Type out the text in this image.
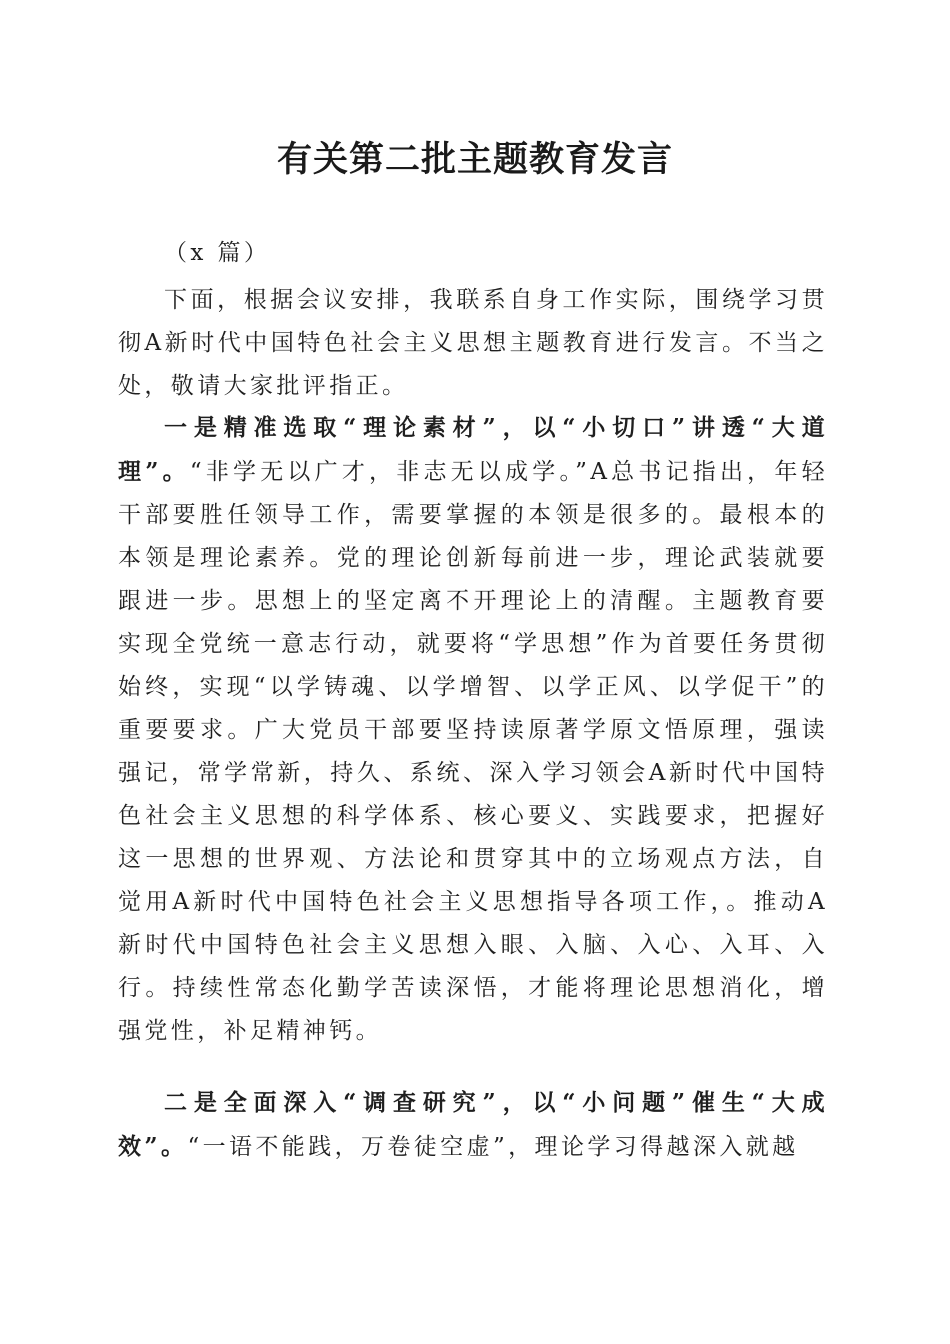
有关第二批主题教育发言
（x 篇）
下面，根据会议安排，我联系自身工作实际，围绕学习贯彻A新时代中国特色社会主义思想主题教育进行发言。不当之处，敬请大家批评指正。
一是精准选取“理论素材”，以“小切口”讲透“大道理”。“非学无以广才，非志无以成学。”A总书记指出，年轻干部要胜任领导工作，需要掌握的本领是很多的。最根本的本领是理论素养。党的理论创新每前进一步，理论武装就要跟进一步。思想上的坚定离不开理论上的清醒。主题教育要实现全党统一意志行动，就要将“学思想”作为首要任务贯彻始终，实现“以学铸魂、以学增智、以学正风、以学促干”的重要要求。广大党员干部要坚持读原著学原文悟原理，强读强记，常学常新，持久、系统、深入学习领会A新时代中国特色社会主义思想的科学体系、核心要义、实践要求，把握好这一思想的世界观、方法论和贯穿其中的立场观点方法，自觉用A新时代中国特色社会主义思想指导各项工作，。推动A新时代中国特色社会主义思想入眼、入脑、入心、入耳、入行。持续性常态化勤学苦读深悟，才能将理论思想消化，增强党性，补足精神钙。
二是全面深入“调查研究”，以“小问题”催生“大成效”。“一语不能践，万卷徒空虚”，理论学习得越深入就越
